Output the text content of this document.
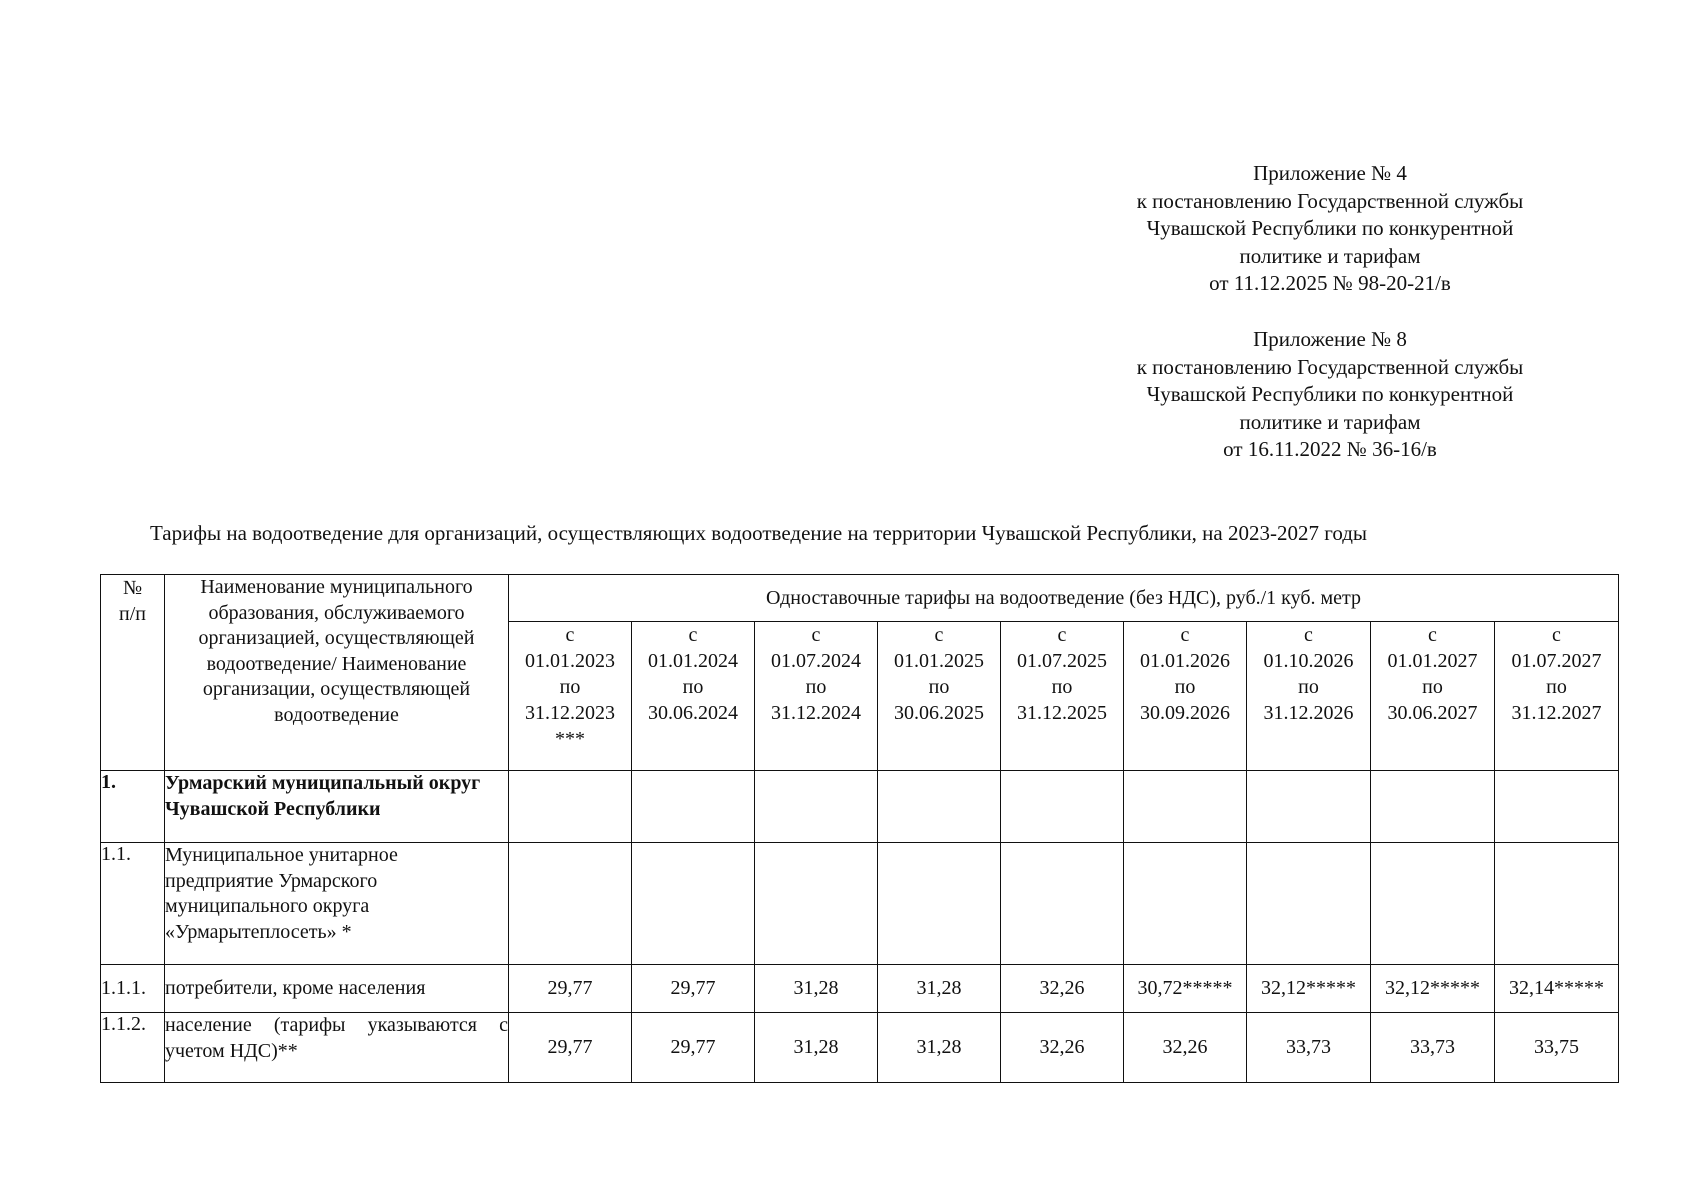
Приложение № 4
к постановлению Государственной службы
Чувашской Республики по конкурентной
политике и тарифам
от 11.12.2025 № 98-20-21/в
Приложение № 8
к постановлению Государственной службы
Чувашской Республики по конкурентной
политике и тарифам
от 16.11.2022 № 36-16/в
Тарифы на водоотведение для организаций, осуществляющих водоотведение на территории Чувашской Республики, на 2023-2027 годы
№
п/п	Наименование муниципального образования, обслуживаемого организацией, осуществляющей водоотведение/ Наименование организации, осуществляющей водоотведение	Одноставочные тарифы на водоотведение (без НДС), руб./1 куб. метр								

		с
01.01.2023
по
31.12.2023
***	с
01.01.2024
по
30.06.2024	с
01.07.2024
по
31.12.2024	с
01.01.2025
по
30.06.2025	с
01.07.2025
по
31.12.2025	с
01.01.2026
по
30.09.2026	с
01.10.2026
по
31.12.2026	с
01.01.2027
по
30.06.2027	с
01.07.2027
по
31.12.2027

1.	Урмарский муниципальный округ Чувашской Республики									
1.1.	Муниципальное унитарное предприятие Урмарского муниципального округа «Урмарытеплосеть» *									
1.1.1.	потребители, кроме населения	29,77	29,77	31,28	31,28	32,26	30,72*****	32,12*****	32,12*****	32,14*****
1.1.2.	население (тарифы указываются с учетом НДС)**	29,77	29,77	31,28	31,28	32,26	32,26	33,73	33,73	33,75
